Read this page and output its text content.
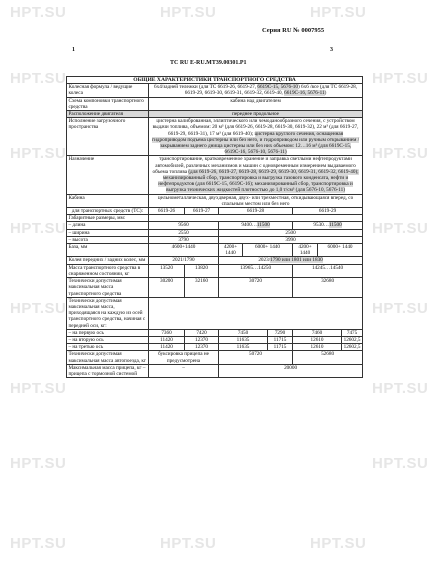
HPT.SU	HPT.SU	HPT.SU
HPT.SU	HPT.SU
HPT.SU	HPT.SU
HPT.SU	HPT.SU
HPT.SU	HPT.SU
HPT.SU	HPT.SU
HPT.SU	HPT.SU
HPT.SU	HPT.SU	HPT.SU
Серия RU № 0007955
1	3
ТС RU E-RU.МТ39.00301.Р1
ОБЩИЕ ХАРАКТЕРИСТИКИ ТРАНСПОРТНОГО СРЕДСТВА								
Колесная формула / ведущие колеса	6х4/задней тележки (для ТС 6619-26, 6619-27, 6619С-15, 5676-10) 6х6 /все (для ТС 6619-28, 6619-29, 6619-30, 6619-31, 6619-32, 6619-40, 6619С-16, 5676-11)							
Схема компоновки транспортного средства	кабина над двигателем							
Расположение двигателя	переднее продольное							
Исполнение загрузочного пространства	цистерна калиброванная, эллиптического или чемоданообразного сечения, с устройством выдачи топлива, объемом: 20 м³ (для 6619-26, 6619-28, 6619-30, 6619-32), 22 м³ (для 6619-27, 6619-29, 6619-31), 17 м³ (для 6619-40); цистерна круглого сечения, оснащенная гидроприводом подъема цистерны или без него, и гидроприводом или ручным открыванием /закрыванием заднего днища цистерны или без них объемом: 12…16 м³ (для 6619С-15, 6619С-16, 5676-10, 5676-11)							
Назначение	транспортирование, кратковременное хранение и заправка светлыми нефтепродуктами автомобилей, различных механизмов и машин с одновременным измерением выдаваемого объема топлива (для 6619-26, 6619-27, 6619-28, 6619-29, 6619-30, 6619-31, 6619-32, 6619-40); механизированный сбор, транспортировка и выгрузка газового конденсата, нефти и нефтепродуктов (для 6619С-15, 6619С-16); механизированный сбор, транспортировка и выгрузка технических жидкостей плотностью до 1,0 т/см³ (для 5676-10, 5676-11)							
Кабина	цельнометаллическая, двухдверная, двух- или трехместная, откидывающаяся вперед, со спальным местом или без него							
для транспортных средств (ТС):	6619-26	6619-27	6619-28			6619-29		
Габаритные размеры, мм:								
– длина	9560		9400…11500			9530…11500		
– ширина	2550		2500					
– высота	3790		3990					
База, мм	4600+1440		4200+ 1440	6000+ 1440		4200+ 1440	6000+ 1440	
Колея передних / задних колес, мм	2021/1790		2023/1790 или 1801 или 1830					
Масса транспортного средства в снаряженном состоянии, кг	13520	13820	13965…14250			14245…14540		
Технически допустимая максимальная масса транспортного средства	30200	32160	30720			32680		
Технически допустимая максимальная масса, приходящаяся на каждую из осей транспортного средства, начиная с передней оси, кг:								
– на первую ось	7360	7420	7450		7290	7460		7475
– на вторую ось	11420	12370	11635		11715	12610		12602,5
– на третью ось	11420	12370	11635		11715	12610		12602,5
Технически допустимая максимальная масса автопоезда, кг	буксировка прицепа не предусмотрена		50720			52680		
Максимальная масса прицепа, кг – прицепа с тормозной системой	–		20000					
